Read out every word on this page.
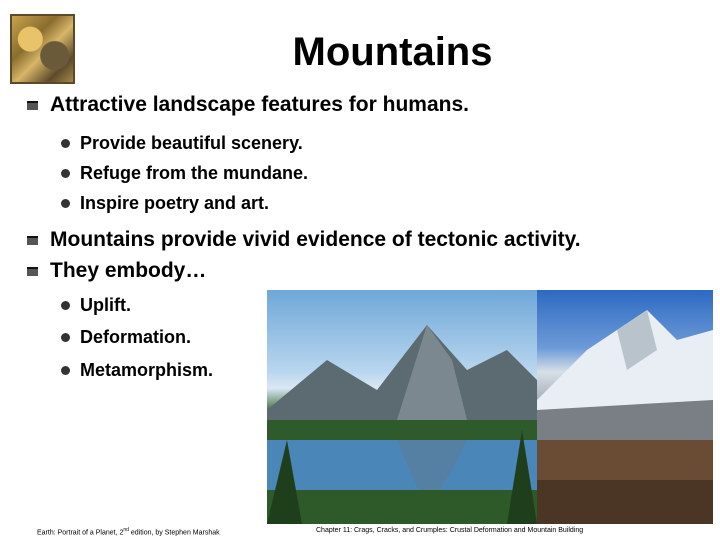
Mountains
Attractive landscape features for humans.
Provide beautiful scenery.
Refuge from the mundane.
Inspire poetry and art.
Mountains provide vivid evidence of tectonic activity.
They embody…
Uplift.
Deformation.
Metamorphism.
Earth: Portrait of a Planet, 2nd edition, by Stephen Marshak	Chapter 11: Crags, Cracks, and Crumples: Crustal Deformation and Mountain Building
